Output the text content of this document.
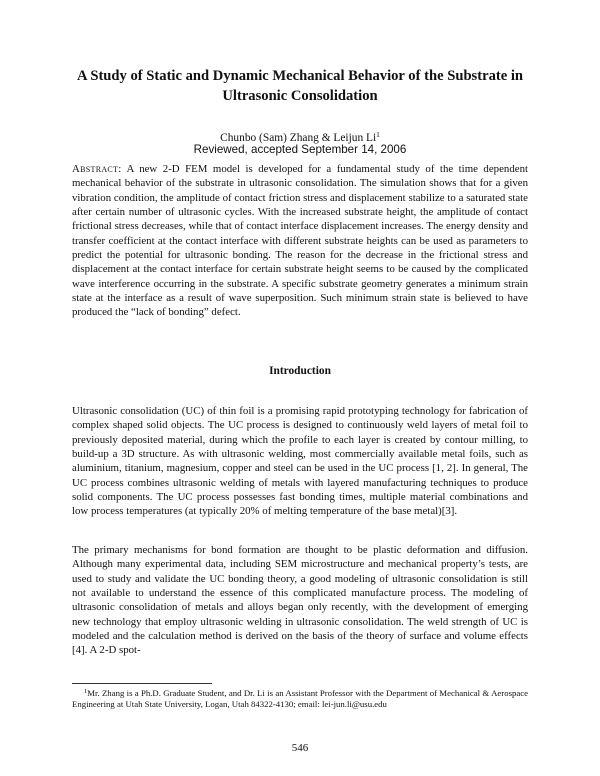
A Study of Static and Dynamic Mechanical Behavior of the Substrate in Ultrasonic Consolidation
Chunbo (Sam) Zhang & Leijun Li$^1$
Reviewed, accepted September 14, 2006

Abstract: A new 2-D FEM model is developed for a fundamental study of the time dependent mechanical behavior of the substrate in ultrasonic consolidation. The simulation shows that for a given vibration condition, the amplitude of contact friction stress and displacement stabilize to a saturated state after certain number of ultrasonic cycles. With the increased substrate height, the amplitude of contact frictional stress decreases, while that of contact interface displacement increases. The energy density and transfer coefficient at the contact interface with different substrate heights can be used as parameters to predict the potential for ultrasonic bonding. The reason for the decrease in the frictional stress and displacement at the contact interface for certain substrate height seems to be caused by the complicated wave interference occurring in the substrate. A specific substrate geometry generates a minimum strain state at the interface as a result of wave superposition. Such minimum strain state is believed to have produced the “lack of bonding” defect.

Introduction

Ultrasonic consolidation (UC) of thin foil is a promising rapid prototyping technology for fabrication of complex shaped solid objects. The UC process is designed to continuously weld layers of metal foil to previously deposited material, during which the profile to each layer is created by contour milling, to build-up a 3D structure. As with ultrasonic welding, most commercially available metal foils, such as aluminium, titanium, magnesium, copper and steel can be used in the UC process [1, 2]. In general, The UC process combines ultrasonic welding of metals with layered manufacturing techniques to produce solid components. The UC process possesses fast bonding times, multiple material combinations and low process temperatures (at typically 20% of melting temperature of the base metal)[3].

The primary mechanisms for bond formation are thought to be plastic deformation and diffusion. Although many experimental data, including SEM microstructure and mechanical property’s tests, are used to study and validate the UC bonding theory, a good modeling of ultrasonic consolidation is still not available to understand the essence of this complicated manufacture process. The modeling of ultrasonic consolidation of metals and alloys began only recently, with the development of emerging new technology that employ ultrasonic welding in ultrasonic consolidation. The weld strength of UC is modeled and the calculation method is derived on the basis of the theory of surface and volume effects [4]. A 2-D spot-

$^1$Mr. Zhang is a Ph.D. Graduate Student, and Dr. Li is an Assistant Professor with the Department of Mechanical & Aerospace Engineering at Utah State University, Logan, Utah 84322-4130; email: lei-jun.li@usu.edu

546
